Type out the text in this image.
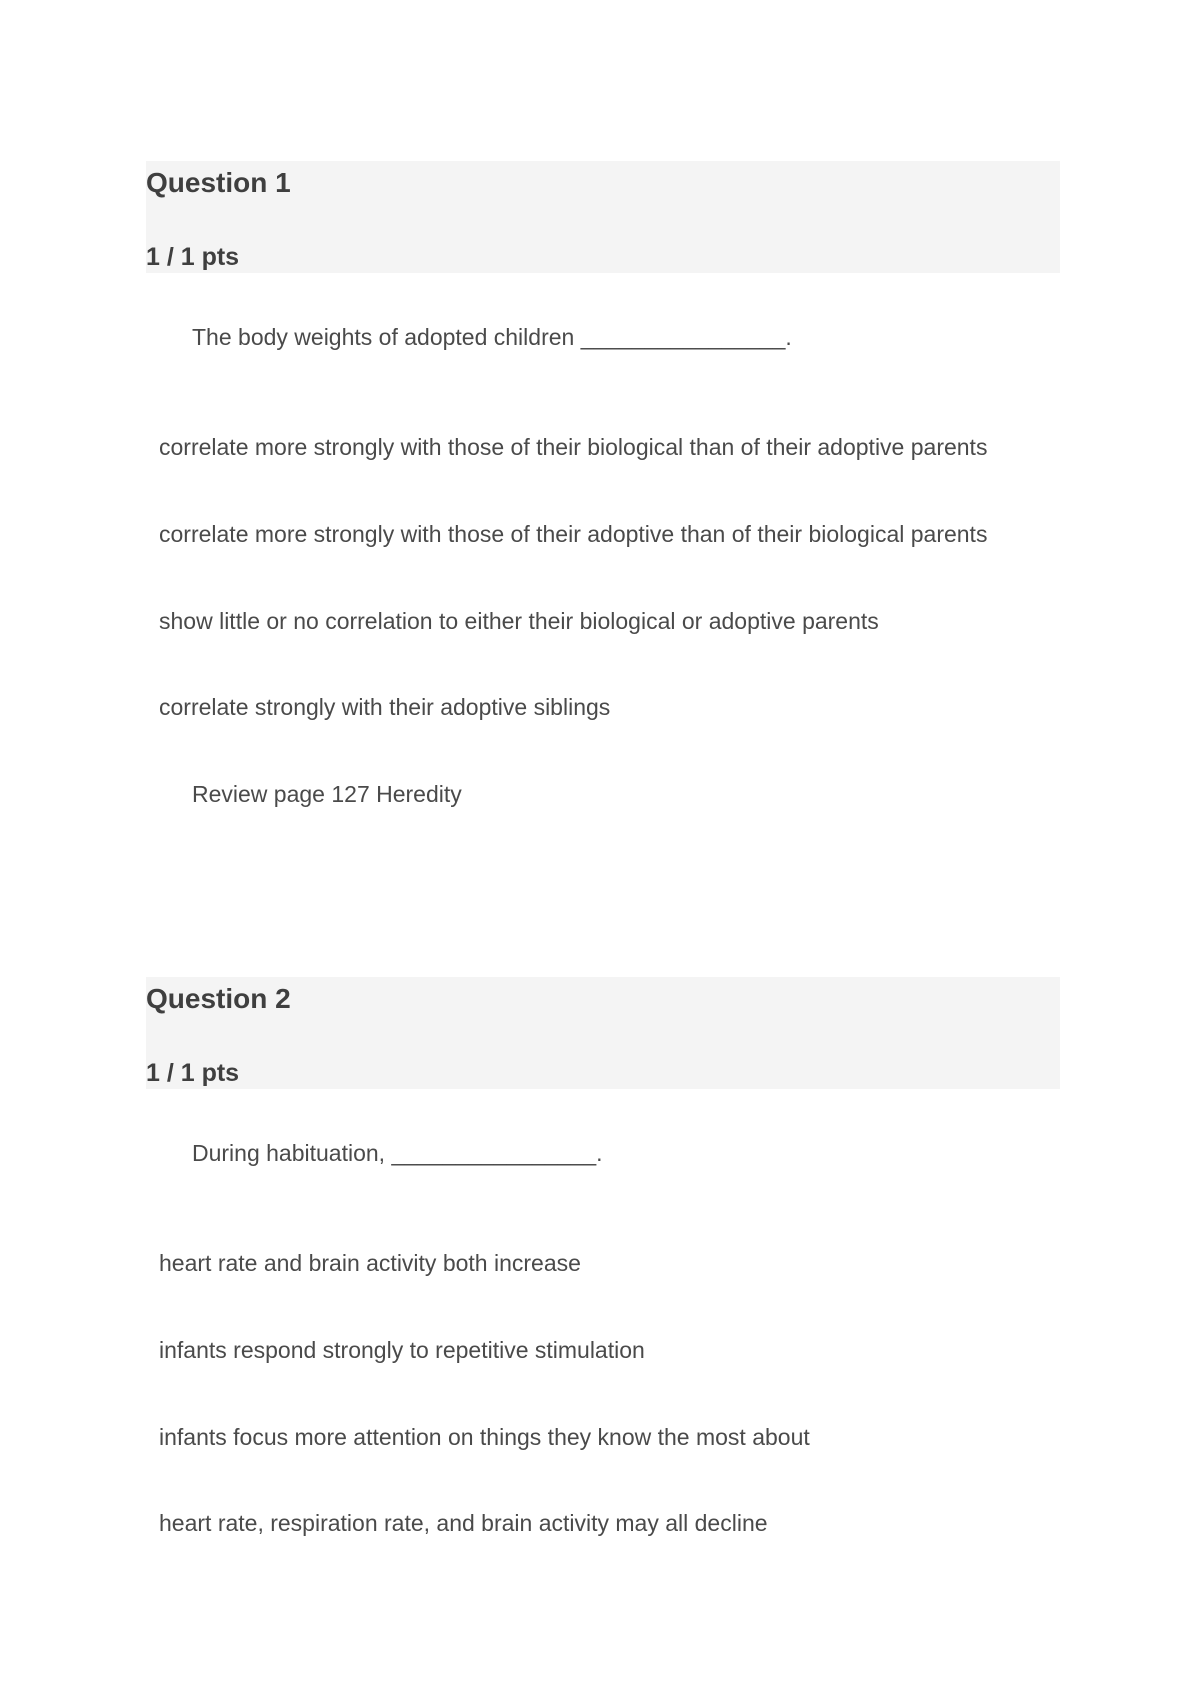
Question 1
1 / 1 pts
The body weights of adopted children ________________.
correlate more strongly with those of their biological than of their adoptive parents
correlate more strongly with those of their adoptive than of their biological parents
show little or no correlation to either their biological or adoptive parents
correlate strongly with their adoptive siblings
Review page 127 Heredity
Question 2
1 / 1 pts
During habituation, ________________.
heart rate and brain activity both increase
infants respond strongly to repetitive stimulation
infants focus more attention on things they know the most about
heart rate, respiration rate, and brain activity may all decline
